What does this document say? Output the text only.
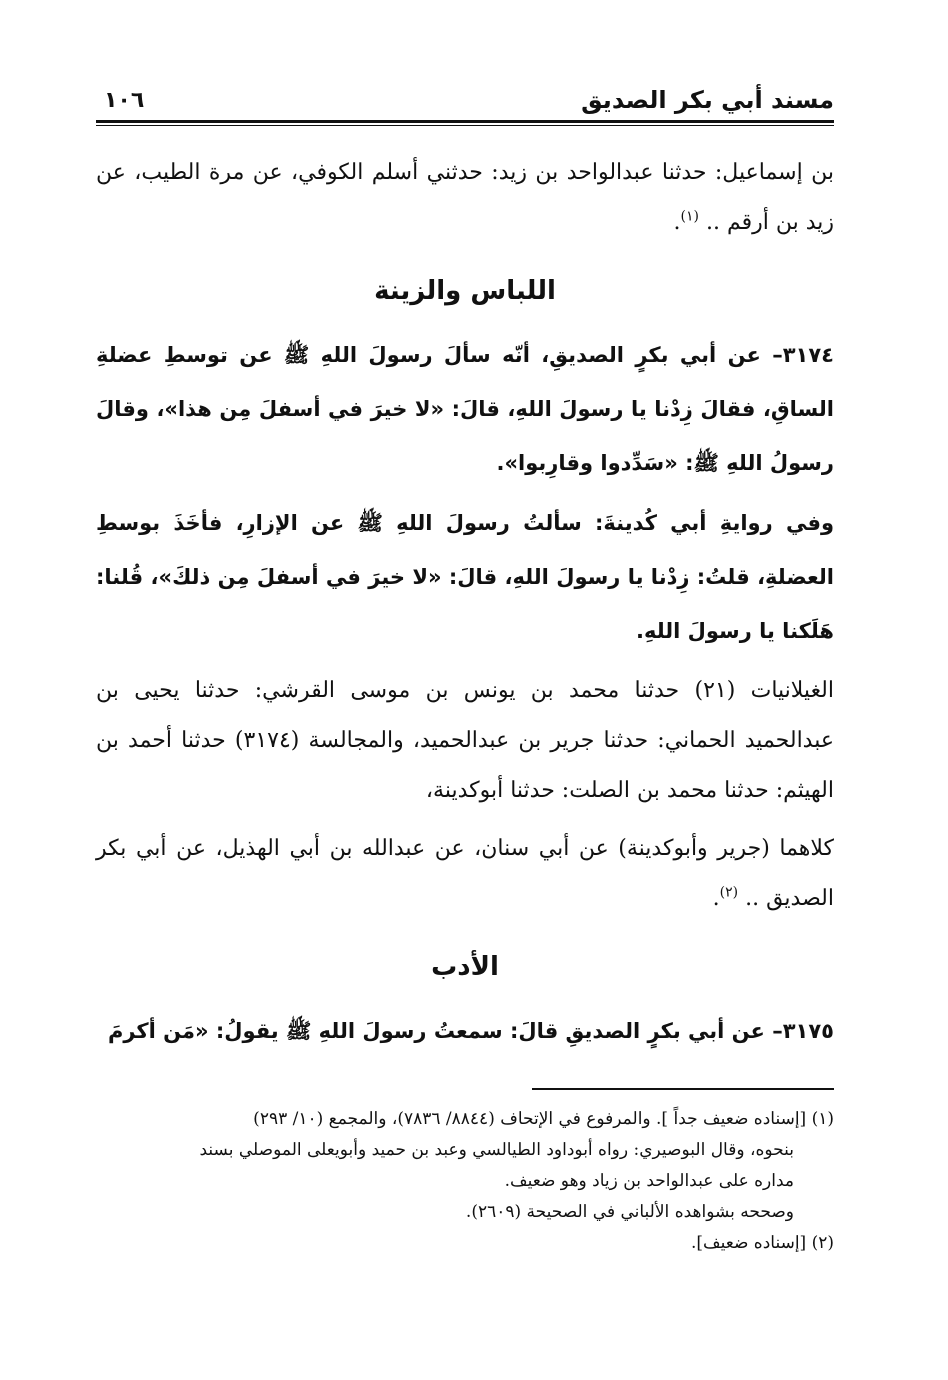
مسند أبي بكر الصديق
١٠٦

بن إسماعيل: حدثنا عبدالواحد بن زيد: حدثني أسلم الكوفي، عن مرة الطيب، عن زيد بن أرقم .. $^{(١)}$.

اللباس والزينة

٣١٧٤– عن أبي بكرٍ الصديقِ، أنّه سألَ رسولَ اللهِ ﷺ عن توسطِ عضلةِ الساقِ، فقالَ زِدْنا يا رسولَ اللهِ، قالَ: «لا خيرَ في أسفلَ مِن هذا»، وقالَ رسولُ اللهِ ﷺ: «سَدِّدوا وقارِبوا».

وفي روايةِ أبي كُدينةَ: سألتُ رسولَ اللهِ ﷺ عن الإزارِ، فأخَذَ بوسطِ العضلةِ، قلتُ: زِدْنا يا رسولَ اللهِ، قالَ: «لا خيرَ في أسفلَ مِن ذلكَ»، قُلنا: هَلَكنا يا رسولَ اللهِ.

الغيلانيات (٢١) حدثنا محمد بن يونس بن موسى القرشي: حدثنا يحيى بن عبدالحميد الحماني: حدثنا جرير بن عبدالحميد، والمجالسة (٣١٧٤) حدثنا أحمد بن الهيثم: حدثنا محمد بن الصلت: حدثنا أبوكدينة،

كلاهما (جرير وأبوكدينة) عن أبي سنان، عن عبدالله بن أبي الهذيل، عن أبي بكر الصديق .. $^{(٢)}$.

الأدب

٣١٧٥– عن أبي بكرٍ الصديقِ قالَ: سمعتُ رسولَ اللهِ ﷺ يقولُ: «مَن أكرمَ

(١) [إسناده ضعيف جداً ]. والمرفوع في الإتحاف (٨٨٤٤/ ٧٨٣٦)، والمجمع (١٠/ ٢٩٣)

بنحوه، وقال البوصيري: رواه أبوداود الطيالسي وعبد بن حميد وأبويعلى الموصلي بسند

مداره على عبدالواحد بن زياد وهو ضعيف.

وصححه بشواهده الألباني في الصحيحة (٢٦٠٩).

(٢) [إسناده ضعيف].
